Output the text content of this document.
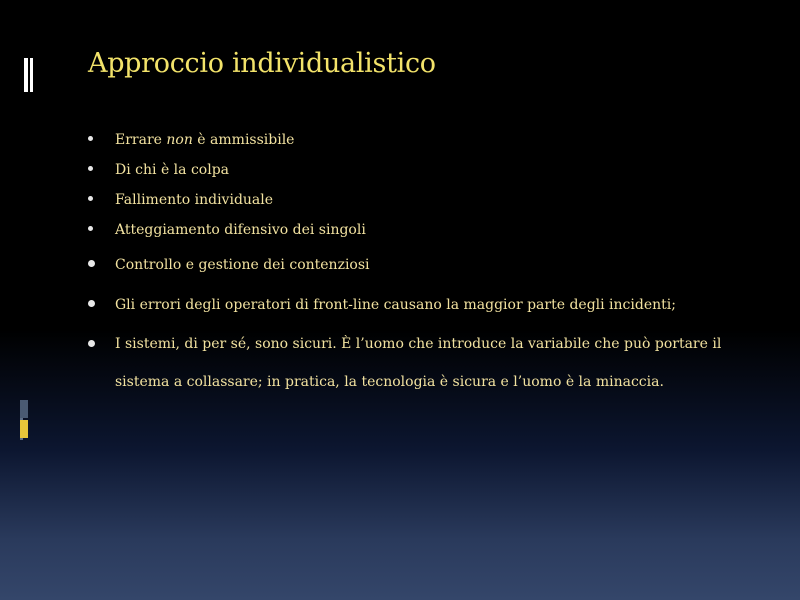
Approccio individualistico
Errare non è ammissibile
Di chi è la colpa
Fallimento individuale
Atteggiamento difensivo dei singoli
Controllo e gestione dei contenziosi
Gli errori degli operatori di front-line causano la maggior parte degli incidenti;
I sistemi, di per sé, sono sicuri. È l’uomo che introduce la variabile che può portare il sistema a collassare; in pratica, la tecnologia è sicura e l’uomo è la minaccia.
